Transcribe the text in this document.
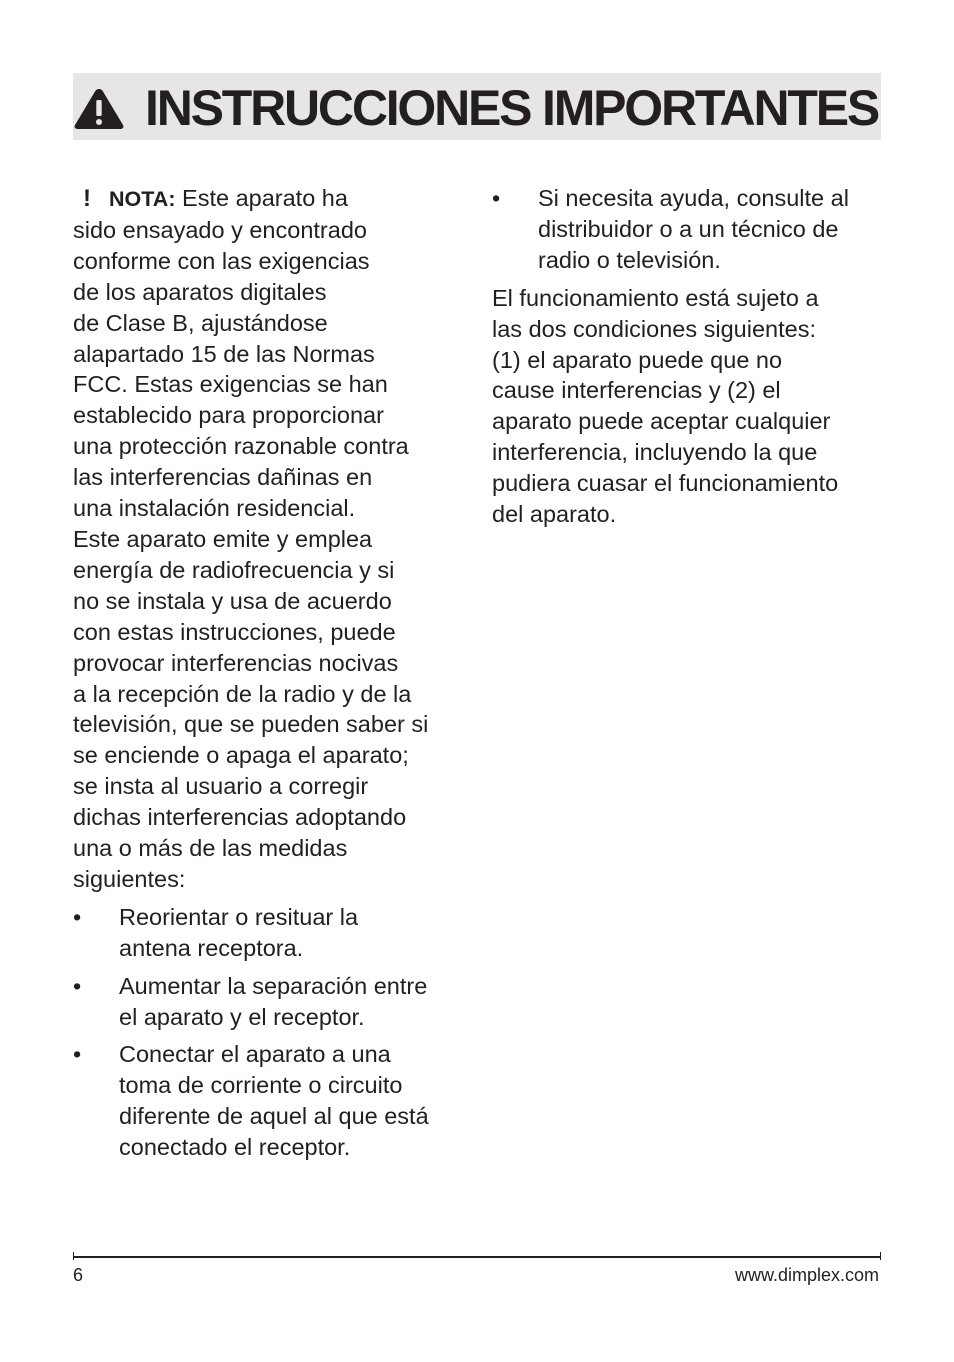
INSTRUCCIONES IMPORTANTES
! NOTA: Este aparato ha
sido ensayado y encontrado
conforme con las exigencias
de los aparatos digitales
de Clase B, ajustándose
alapartado 15 de las Normas
FCC. Estas exigencias se han
establecido para proporcionar
una protección razonable contra
las interferencias dañinas en
una instalación residencial.
Este aparato emite y emplea
energía de radiofrecuencia y si
no se instala y usa de acuerdo
con estas instrucciones, puede
provocar interferencias nocivas
a la recepción de la radio y de la
televisión, que se pueden saber si
se enciende o apaga el aparato;
se insta al usuario a corregir
dichas interferencias adoptando
una o más de las medidas
siguientes:
• Reorientar o resituar la
antena receptora.
• Aumentar la separación entre
el aparato y el receptor.
• Conectar el aparato a una
toma de corriente o circuito
diferente de aquel al que está
conectado el receptor.
• Si necesita ayuda, consulte al
distribuidor o a un técnico de
radio o televisión.
El funcionamiento está sujeto a
las dos condiciones siguientes:
(1) el aparato puede que no
cause interferencias y (2) el
aparato puede aceptar cualquier
interferencia, incluyendo la que
pudiera cuasar el funcionamiento
del aparato.
6	www.dimplex.com
